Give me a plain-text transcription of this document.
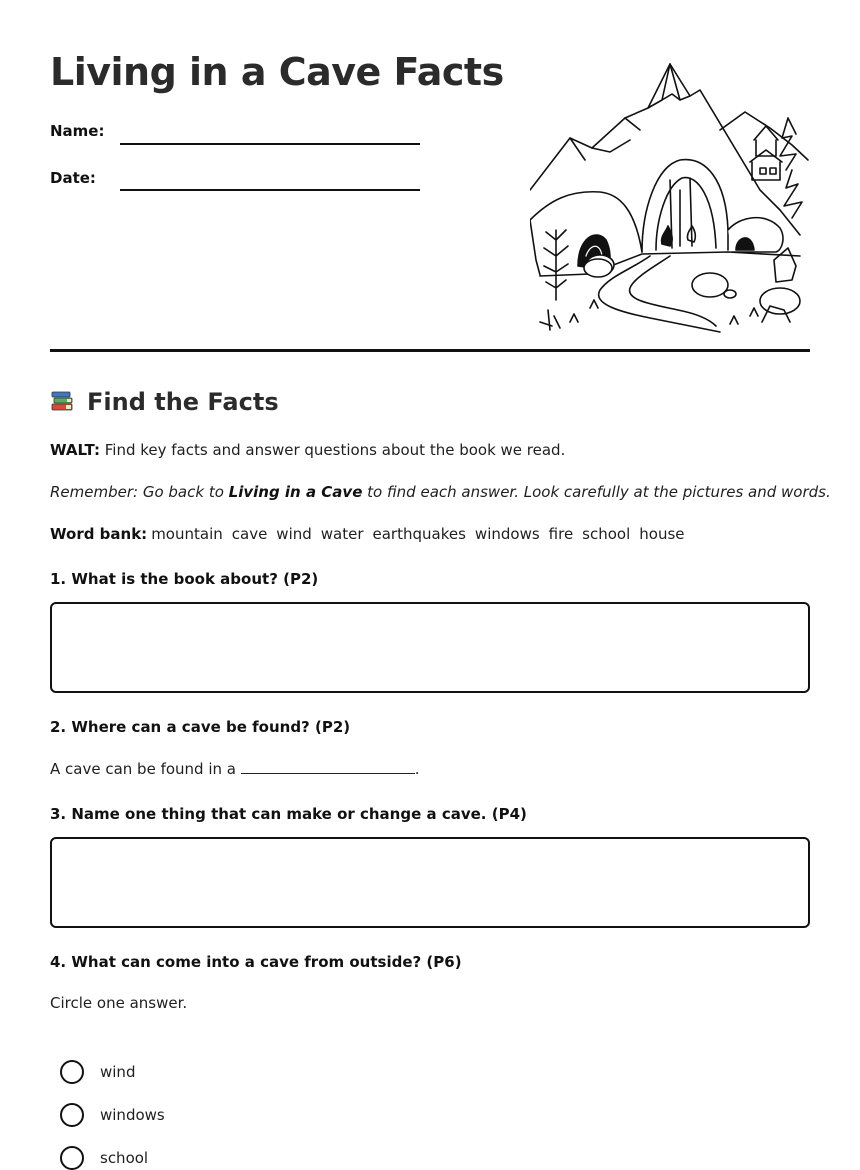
Living in a Cave Facts
Name:
Date:
Find the Facts
WALT: Find key facts and answer questions about the book we read.
Remember: Go back to Living in a Cave to find each answer. Look carefully at the pictures and words.
Word bank: mountain cave wind water earthquakes windows fire school house
1. What is the book about? (P2)
2. Where can a cave be found? (P2)
A cave can be found in a	.
3. Name one thing that can make or change a cave. (P4)
4. What can come into a cave from outside? (P6)
Circle one answer.
wind
windows
school
